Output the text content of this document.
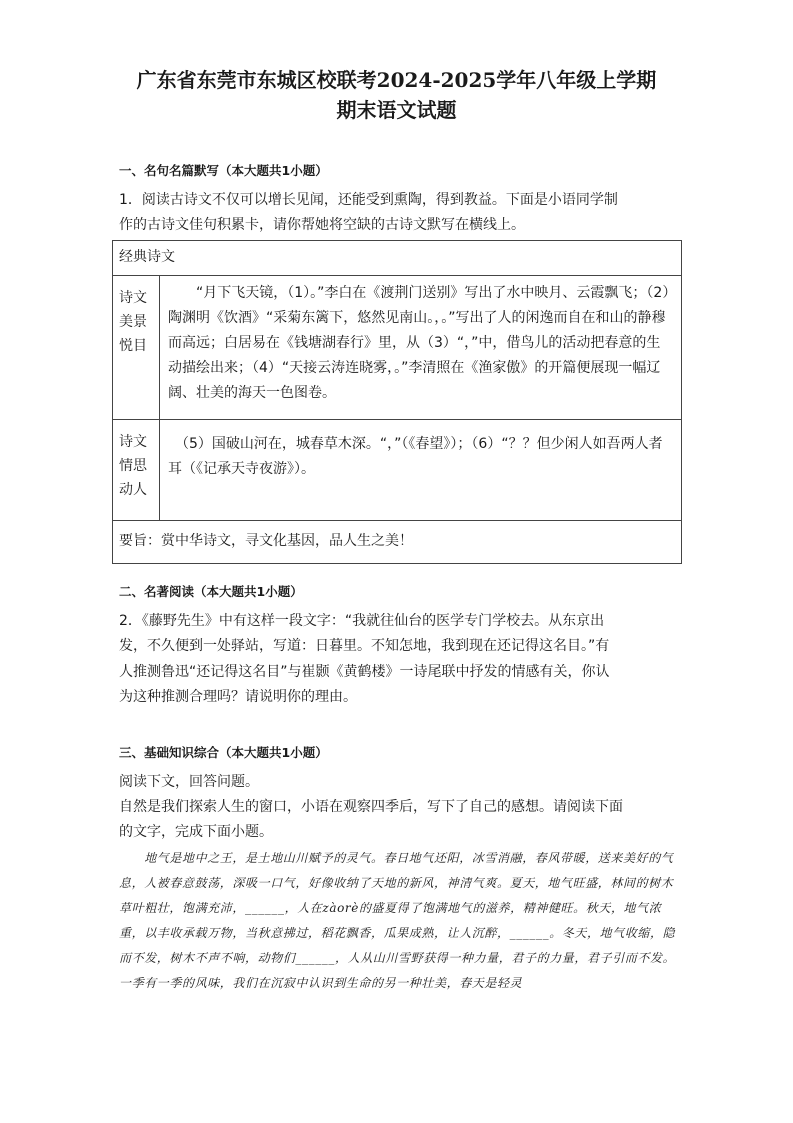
广东省东莞市东城区校联考2024-2025学年八年级上学期
期末语文试题
一、名句名篇默写（本大题共1小题）
1．阅读古诗文不仅可以增长见闻，还能受到熏陶，得到教益。下面是小语同学制
作的古诗文佳句积累卡，请你帮她将空缺的古诗文默写在横线上。
经典诗文	
诗文美景悦目	“月下飞天镜，（1）。”李白在《渡荆门送别》写出了水中映月、云霞飘飞；（2）陶渊明《饮酒》“采菊东篱下，悠然见南山。，。”写出了人的闲逸而自在和山的静穆而高远；白居易在《钱塘湖春行》里，从（3）“，”中，借鸟儿的活动把春意的生动描绘出来；（4）“天接云涛连晓雾，。”李清照在《渔家傲》的开篇便展现一幅辽阔、壮美的海天一色图卷。

诗文情思动人	（5）国破山河在，城春草木深。“，”（《春望》）；（6）“？？但少闲人如吾两人者耳（《记承天寺夜游》）。

要旨：赏中华诗文，寻文化基因，品人生之美！	
二、名著阅读（本大题共1小题）
2．《藤野先生》中有这样一段文字：“我就往仙台的医学专门学校去。从东京出
发，不久便到一处驿站，写道：日暮里。不知怎地，我到现在还记得这名目。”有
人推测鲁迅“还记得这名目”与崔颢《黄鹤楼》一诗尾联中抒发的情感有关，你认
为这种推测合理吗？请说明你的理由。
三、基础知识综合（本大题共1小题）
阅读下文，回答问题。
自然是我们探索人生的窗口，小语在观察四季后，写下了自己的感想。请阅读下面
的文字，完成下面小题。

　　地气是地中之王，是土地山川赋予的灵气。春日地气还阳，冰雪消融，春风带暖，送来美好的气息，人被春意鼓荡，深吸一口气，好像收纳了天地的新风，神清气爽。夏天，地气旺盛，林间的树木草叶粗壮，饱满充沛，______，人在zàorè的盛夏得了饱满地气的滋养，精神健旺。秋天，地气浓重，以丰收承载万物，当秋意拂过，稻花飘香，瓜果成熟，让人沉醉，______。冬天，地气收缩，隐而不发，树木不声不响，动物们______，人从山川雪野获得一种力量，君子的力量，君子引而不发。一季有一季的风味，我们在沉寂中认识到生命的另一种壮美，春天是轻灵
